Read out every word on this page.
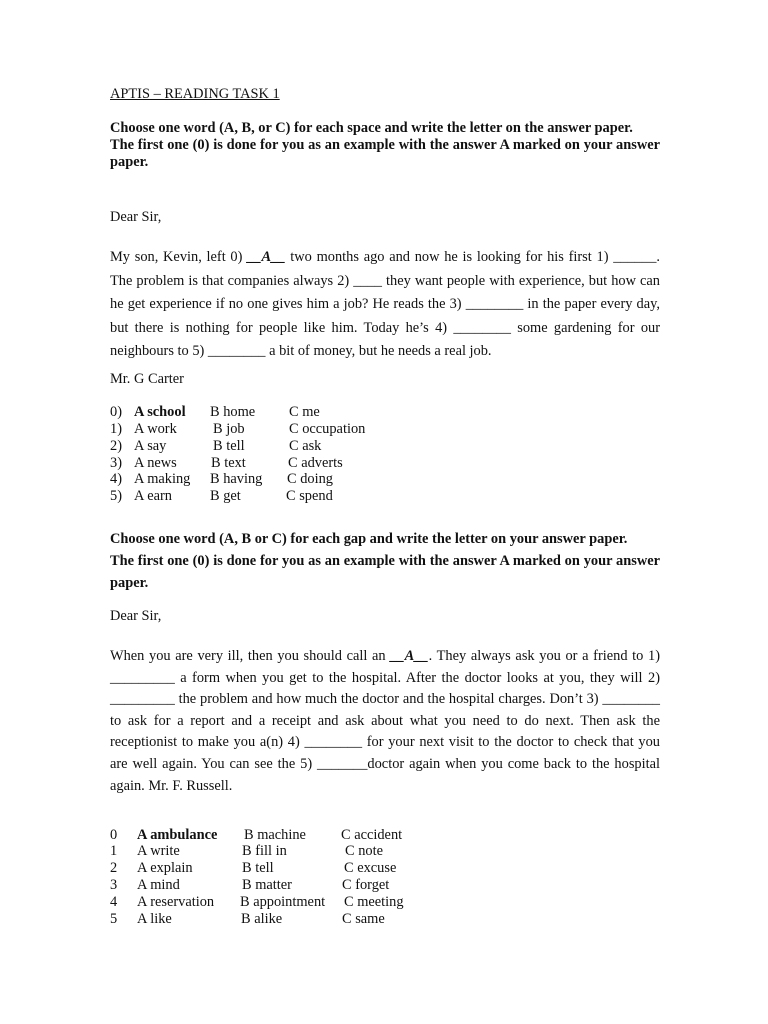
APTIS – READING TASK 1
Choose one word (A, B, or C) for each space and write the letter on the answer paper.
The first one (0) is done for you as an example with the answer A marked on your answer paper.
Dear Sir,
My son, Kevin, left 0) __A__ two months ago and now he is looking for his first 1) ______. The problem is that companies always 2) ____ they want people with experience, but how can he get experience if no one gives him a job? He reads the 3) ________ in the paper every day, but there is nothing for people like him. Today he’s 4) ________ some gardening for our neighbours to 5) ________ a bit of money, but he needs a real job.
Mr. G Carter
0) A school B home C me
1) A work	B job	C occupation
2) A say	B tell	C ask
3) A news B text	C adverts
4) A making B having C doing
5) A earn	B get	C spend
Choose one word (A, B or C) for each gap and write the letter on your answer paper.
The first one (0) is done for you as an example with the answer A marked on your answer paper.
Dear Sir,
When you are very ill, then you should call an __A__. They always ask you or a friend to 1) _________ a form when you get to the hospital. After the doctor looks at you, they will 2) _________ the problem and how much the doctor and the hospital charges. Don’t 3) ________ to ask for a report and a receipt and ask about what you need to do next. Then ask the receptionist to make you a(n) 4) ________ for your next visit to the doctor to check that you are well again. You can see the 5) _______doctor again when you come back to the hospital again. Mr. F. Russell.
0 A ambulance B machine C accident
1 A write	B fill in	C note
2 A explain	B tell	C excuse
3 A mind	B matter	C forget
4 A reservation B appointment C meeting
5 A like	B alike	C same
